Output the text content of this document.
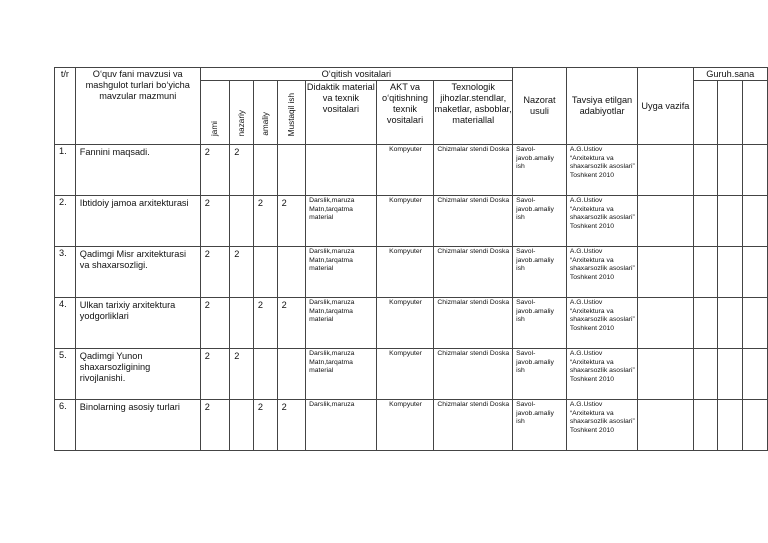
t/r	O‘quv fani mavzusi va mashgulot turlari bo‘yicha mavzular mazmuni	O‘qitish vositalari							Nazorat usuli	Tavsiya etilgan adabiyotlar	Uyga vazifa	Guruh.sana		
		jami	nazariy	amaliy	Mustaqil ish	Didaktik material va texnik vositalari	AKT va o‘qitishning texnik vositalari	Texnologik jihozlar.stendlar, maketlar, asboblar, materiallal						
1.	Fannini maqsadi.	2	2				Kompyuter	Chizmalar stendi Doska	Savol-javob.amaliy ish	A.G.Ustiov “Arxitektura va shaxarsozlik asoslari” Toshkent 2010				
2.	Ibtidoiy jamoa arxitekturasi	2		2	2	Darslik,maruza Matn,tarqatma material	Kompyuter	Chizmalar stendi Doska	Savol-javob.amaliy ish	A.G.Ustiov “Arxitektura va shaxarsozlik asoslari” Toshkent 2010				
3.	Qadimgi Misr arxitekturasi va shaxarsozligi.	2	2			Darslik,maruza Matn,tarqatma material	Kompyuter	Chizmalar stendi Doska	Savol-javob.amaliy ish	A.G.Ustiov “Arxitektura va shaxarsozlik asoslari” Toshkent 2010				
4.	Ulkan tarixiy arxitektura yodgorliklari	2		2	2	Darslik,maruza Matn,tarqatma material	Kompyuter	Chizmalar stendi Doska	Savol-javob.amaliy ish	A.G.Ustiov “Arxitektura va shaxarsozlik asoslari” Toshkent 2010				
5.	Qadimgi Yunon shaxarsozligining rivojlanishi.	2	2			Darslik,maruza Matn,tarqatma material	Kompyuter	Chizmalar stendi Doska	Savol-javob.amaliy ish	A.G.Ustiov “Arxitektura va shaxarsozlik asoslari” Toshkent 2010				
6.	Binolarning asosiy turlari	2		2	2	Darslik,maruza	Kompyuter	Chizmalar stendi Doska	Savol-javob.amaliy ish	A.G.Ustiov “Arxitektura va shaxarsozlik asoslari” Toshkent 2010				
